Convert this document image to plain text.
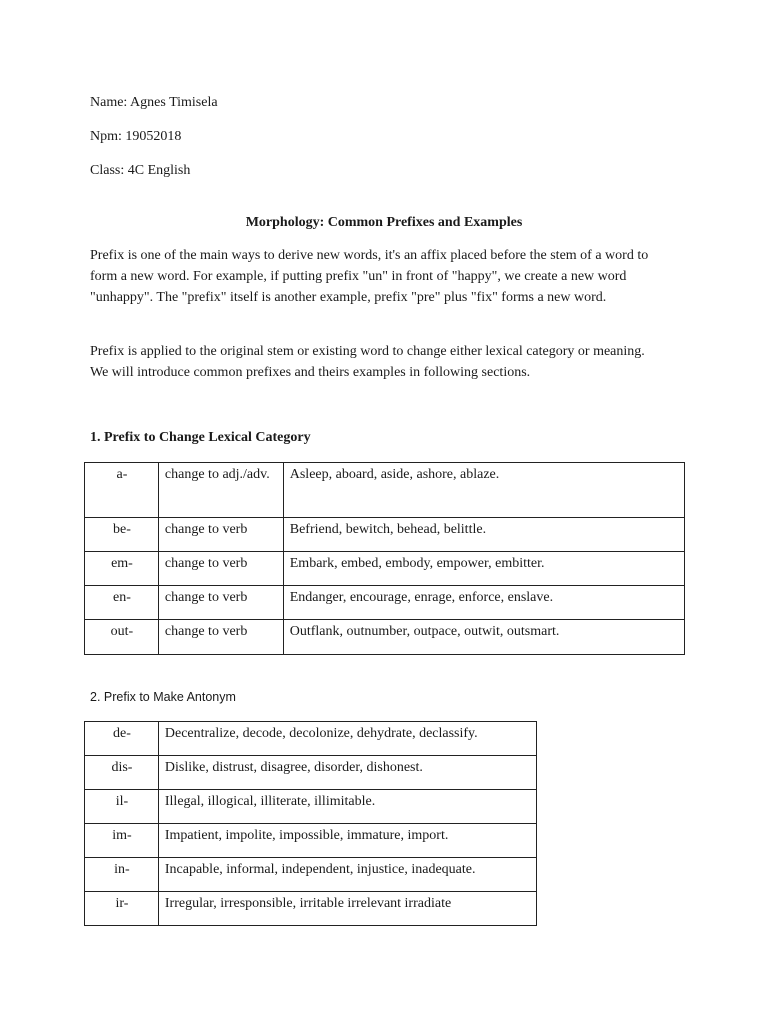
Name: Agnes Timisela
Npm: 19052018
Class: 4C English
Morphology: Common Prefixes and Examples
Prefix is one of the main ways to derive new words, it's an affix placed before the stem of a word to form a new word. For example, if putting prefix "un" in front of "happy", we create a new word "unhappy". The "prefix" itself is another example, prefix "pre" plus "fix" forms a new word.
Prefix is applied to the original stem or existing word to change either lexical category or meaning. We will introduce common prefixes and theirs examples in following sections.
1. Prefix to Change Lexical Category
a-	change to adj./adv.	Asleep, aboard, aside, ashore, ablaze.
be-	change to verb	Befriend, bewitch, behead, belittle.
em-	change to verb	Embark, embed, embody, empower, embitter.
en-	change to verb	Endanger, encourage, enrage, enforce, enslave.
out-	change to verb	Outflank, outnumber, outpace, outwit, outsmart.
2. Prefix to Make Antonym
de-	Decentralize, decode, decolonize, dehydrate, declassify.
dis-	Dislike, distrust, disagree, disorder, dishonest.
il-	Illegal, illogical, illiterate, illimitable.
im-	Impatient, impolite, impossible, immature, import.
in-	Incapable, informal, independent, injustice, inadequate.
ir-	Irregular, irresponsible, irritable irrelevant irradiate
